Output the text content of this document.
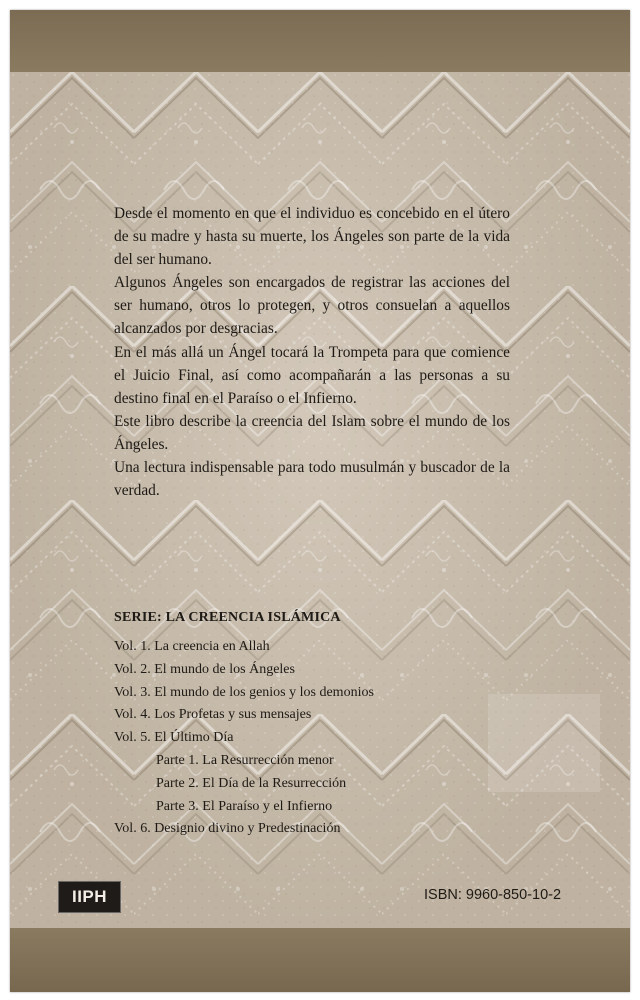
Desde el momento en que el individuo es concebido en el útero de su madre y hasta su muerte, los Ángeles son parte de la vida del ser humano.

Algunos Ángeles son encargados de registrar las acciones del ser humano, otros lo protegen, y otros consuelan a aquellos alcanzados por desgracias.

En el más allá un Ángel tocará la Trompeta para que comience el Juicio Final, así como acompañarán a las personas a su destino final en el Paraíso o el Infierno.

Este libro describe la creencia del Islam sobre el mundo de los Ángeles.

Una lectura indispensable para todo musulmán y buscador de la verdad.

SERIE: LA CREENCIA ISLÁMICA
Vol. 1. La creencia en Allah
Vol. 2. El mundo de los Ángeles
Vol. 3. El mundo de los genios y los demonios
Vol. 4. Los Profetas y sus mensajes
Vol. 5. El Último Día
Parte 1. La Resurrección menor
Parte 2. El Día de la Resurrección
Parte 3. El Paraíso y el Infierno
Vol. 6. Designio divino y Predestinación
IIPH	ISBN: 9960-850-10-2
